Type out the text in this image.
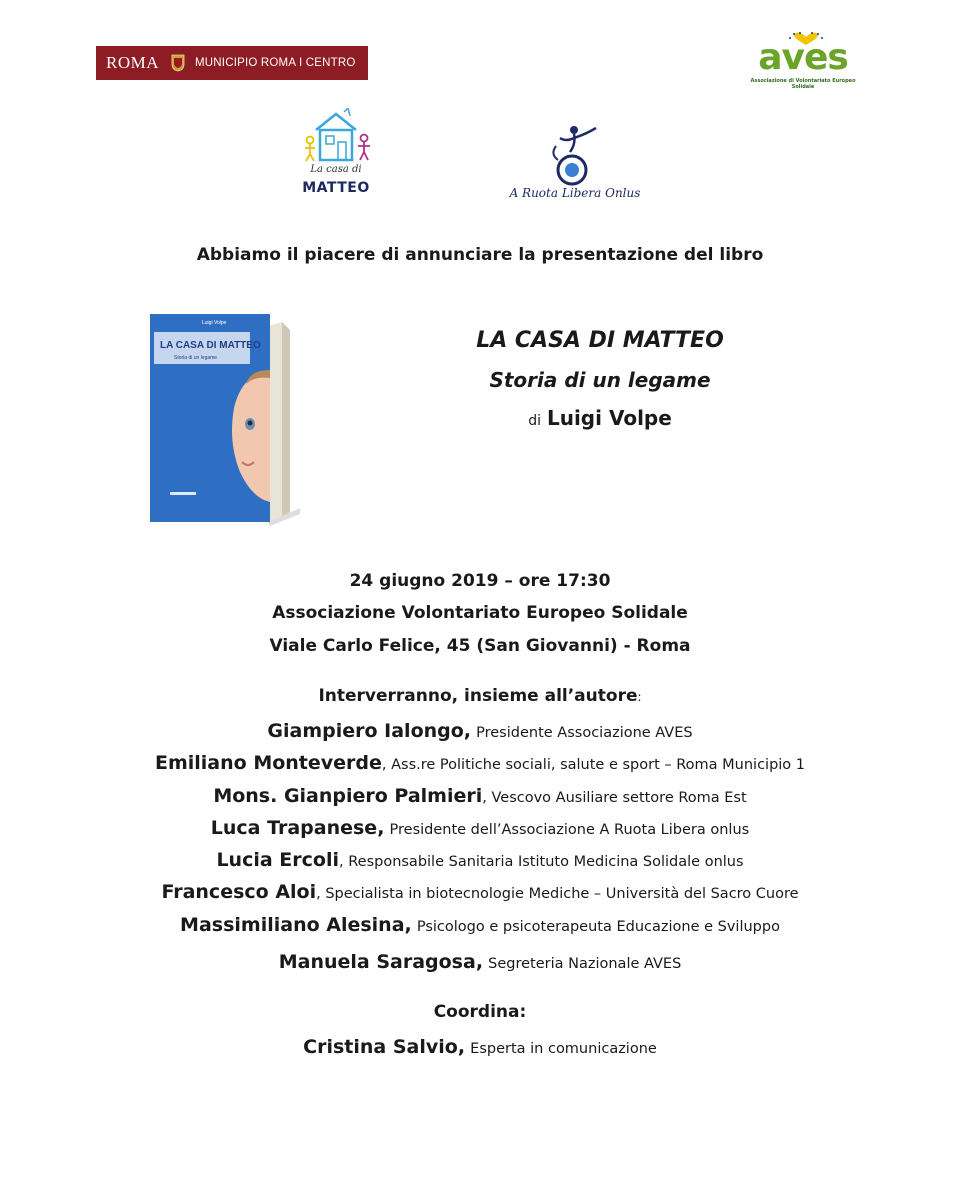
ROMA	MUNICIPIO ROMA I CENTRO	aves
Associazione di Volontariato Europeo Solidale
La casa di
MATTEO	A Ruota Libera Onlus
Abbiamo il piacere di annunciare la presentazione del libro
Luigi Volpe
LA CASA DI MATTEO
Storia di un legame
LA CASA DI MATTEO
Storia di un legame
di Luigi Volpe
24 giugno 2019 – ore 17:30
Associazione Volontariato Europeo Solidale
Viale Carlo Felice, 45 (San Giovanni) - Roma
Interverranno, insieme all’autore:
Giampiero Ialongo, Presidente Associazione AVES
Emiliano Monteverde, Ass.re Politiche sociali, salute e sport – Roma Municipio 1
Mons. Gianpiero Palmieri, Vescovo Ausiliare settore Roma Est
Luca Trapanese, Presidente dell’Associazione A Ruota Libera onlus
Lucia Ercoli, Responsabile Sanitaria Istituto Medicina Solidale onlus
Francesco Aloi, Specialista in biotecnologie Mediche – Università del Sacro Cuore
Massimiliano Alesina, Psicologo e psicoterapeuta Educazione e Sviluppo
Manuela Saragosa, Segreteria Nazionale AVES
Coordina:
Cristina Salvio, Esperta in comunicazione
